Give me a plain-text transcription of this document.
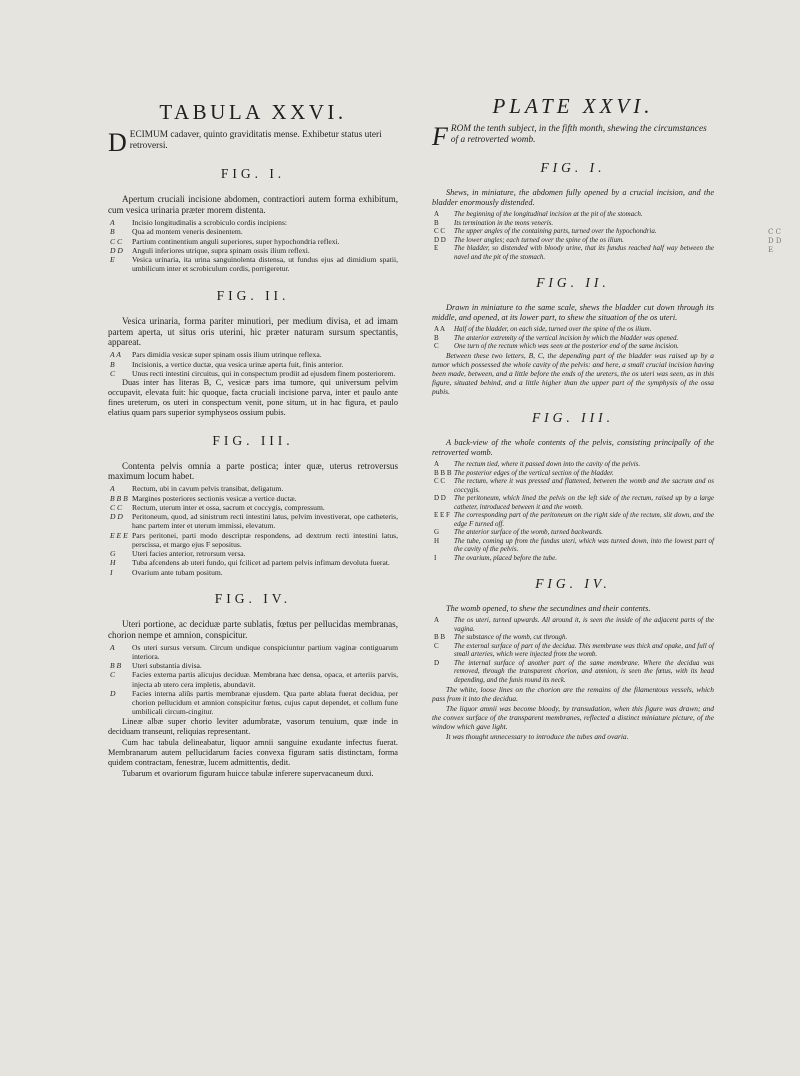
TABULA XXVI.
D ECIMUM cadaver, quinto graviditatis mense. Exhibetur status uteri retroversi.
FIG. I.

Apertum cruciali incisione abdomen, contractiori autem forma exhibitum, cum vesica urinaria præter morem distenta.

A	Incisio longitudinalis a scrobiculo cordis incipiens:
B	Qua ad montem veneris desinentem.
C C	Partium continentium anguli superiores, super hypochondria reflexi.
D D	Anguli inferiores utrique, supra spinam ossis ilium reflexi.
E	Vesica urinaria, ita urina sanguinolenta distensa, ut fundus ejus ad dimidium spatii, umbilicum inter et scrobiculum cordis, porrigeretur.
FIG. II.

Vesica urinaria, forma pariter minutiori, per medium divisa, et ad imam partem aperta, ut situs oris uterini, hic præter naturam sursum spectantis, appareat.

A A	Pars dimidia vesicæ super spinam ossis ilium utrinque reflexa.
B	Incisionis, a vertice ductæ, qua vesica urinæ aperta fuit, finis anterior.
C	Unus recti intestini circuitus, qui in conspectum prodiit ad ejusdem finem posteriorem.

Duas inter has literas B, C, vesicæ pars ima tumore, qui universum pelvim occupavit, elevata fuit: hic quoque, facta cruciali incisione parva, inter et paulo ante fines ureterum, os uteri in conspectum venit, pone situm, ut in hac figura, et paulo elatius quam pars superior symphyseos ossium pubis.

FIG. III.

Contenta pelvis omnia a parte postica; inter quæ, uterus retroversus maximum locum habet.

A	Rectum, ubi in cavum pelvis transibat, deligatum.
B B B Margines posteriores sectionis vesicæ a vertice ductæ.
C C	Rectum, uterum inter et ossa, sacrum et coccygis, compressum.
D D	Peritoneum, quod, ad sinistrum recti intestini latus, pelvim investiverat, ope catheteris, hanc partem inter et uterum immissi, elevatum.
E E E Pars peritonei, parti modo descriptæ respondens, ad dextrum recti intestini latus, perscissa, et margo ejus F sepositus.
G	Uteri facies anterior, retrorsum versa.
H	Tuba afcendens ab uteri fundo, qui fcilicet ad partem pelvis infimam devoluta fuerat.
I	Ovarium ante tubam positum.
FIG. IV.

Uteri portione, ac deciduæ parte sublatis, fœtus per pellucidas membranas, chorion nempe et amnion, conspicitur.

A	Os uteri sursus versum. Circum undique conspiciuntur partium vaginæ contiguarum interiora.
B B	Uteri substantia divisa.
C	Facies externa partis alicujus deciduæ. Membrana hæc densa, opaca, et arteriis parvis, injecta ab utero cera impletis, abundavit.
D	Facies interna aliûs partis membranæ ejusdem. Qua parte ablata fuerat decidua, per chorion pellucidum et amnion conspicitur fœtus, cujus caput dependet, et collum fune umbilicali circum-cingitur.

Lineæ albæ super chorio leviter adumbratæ, vasorum tenuium, quæ inde in deciduam transeunt, reliquias representant.

Cum hac tabula delineabatur, liquor amnii sanguine exudante infectus fuerat. Membranarum autem pellucidarum facies convexa figuram satis distinctam, forma quidem contractam, fenestræ, lucem admittentis, dedit.

Tubarum et ovariorum figuram huicce tabulæ inferere supervacaneum duxi.

PLATE XXVI.
F ROM the tenth subject, in the fifth month, shewing the circumstances of a retroverted womb.
FIG. I.

Shews, in miniature, the abdomen fully opened by a crucial incision, and the bladder enormously distended.

A	The beginning of the longitudinal incision at the pit of the stomach.
B	Its termination in the mons veneris.
C C	The upper angles of the containing parts, turned over the hypochondria.
D D	The lower angles; each turned over the spine of the os ilium.
E	The bladder, so distended with bloody urine, that its fundus reached half way between the navel and the pit of the stomach.
FIG. II.

Drawn in miniature to the same scale, shews the bladder cut down through its middle, and opened, at its lower part, to shew the situation of the os uteri.

A A	Half of the bladder, on each side, turned over the spine of the os ilium.
B	The anterior extremity of the vertical incision by which the bladder was opened.
C	One turn of the rectum which was seen at the posterior end of the same incision.

Between these two letters, B, C, the depending part of the bladder was raised up by a tumor which possessed the whole cavity of the pelvis: and here, a small crucial incision having been made, between, and a little before the ends of the ureters, the os uteri was seen, as in this figure, situated behind, and a little higher than the upper part of the symphysis of the ossa pubis.

FIG. III.

A back-view of the whole contents of the pelvis, consisting principally of the retroverted womb.

A	The rectum tied, where it passed down into the cavity of the pelvis.
B B B The posterior edges of the vertical section of the bladder.
C C	The rectum, where it was pressed and flattened, between the womb and the sacrum and os coccygis.
D D	The peritoneum, which lined the pelvis on the left side of the rectum, raised up by a large catheter, introduced between it and the womb.
E E F The corresponding part of the peritoneum on the right side of the rectum, slit down, and the edge F turned off.
G	The anterior surface of the womb, turned backwards.
H	The tube, coming up from the fundus uteri, which was turned down, into the lowest part of the cavity of the pelvis.
I	The ovarium, placed before the tube.
FIG. IV.

The womb opened, to shew the secundines and their contents.

A	The os uteri, turned upwards. All around it, is seen the inside of the adjacent parts of the vagina.
B B	The substance of the womb, cut through.
C	The external surface of part of the decidua. This membrane was thick and opake, and full of small arteries, which were injected from the womb.
D	The internal surface of another part of the same membrane. Where the decidua was removed, through the transparent chorion, and amnion, is seen the fœtus, with its head depending, and the funis round its neck.

The white, loose lines on the chorion are the remains of the filamentous vessels, which pass from it into the decidua.

The liquor amnii was become bloody, by transudation, when this figure was drawn; and the convex surface of the transparent membranes, reflected a distinct miniature picture, of the window which gave light.

It was thought unnecessary to introduce the tubes and ovaria.

C C
D D
E
